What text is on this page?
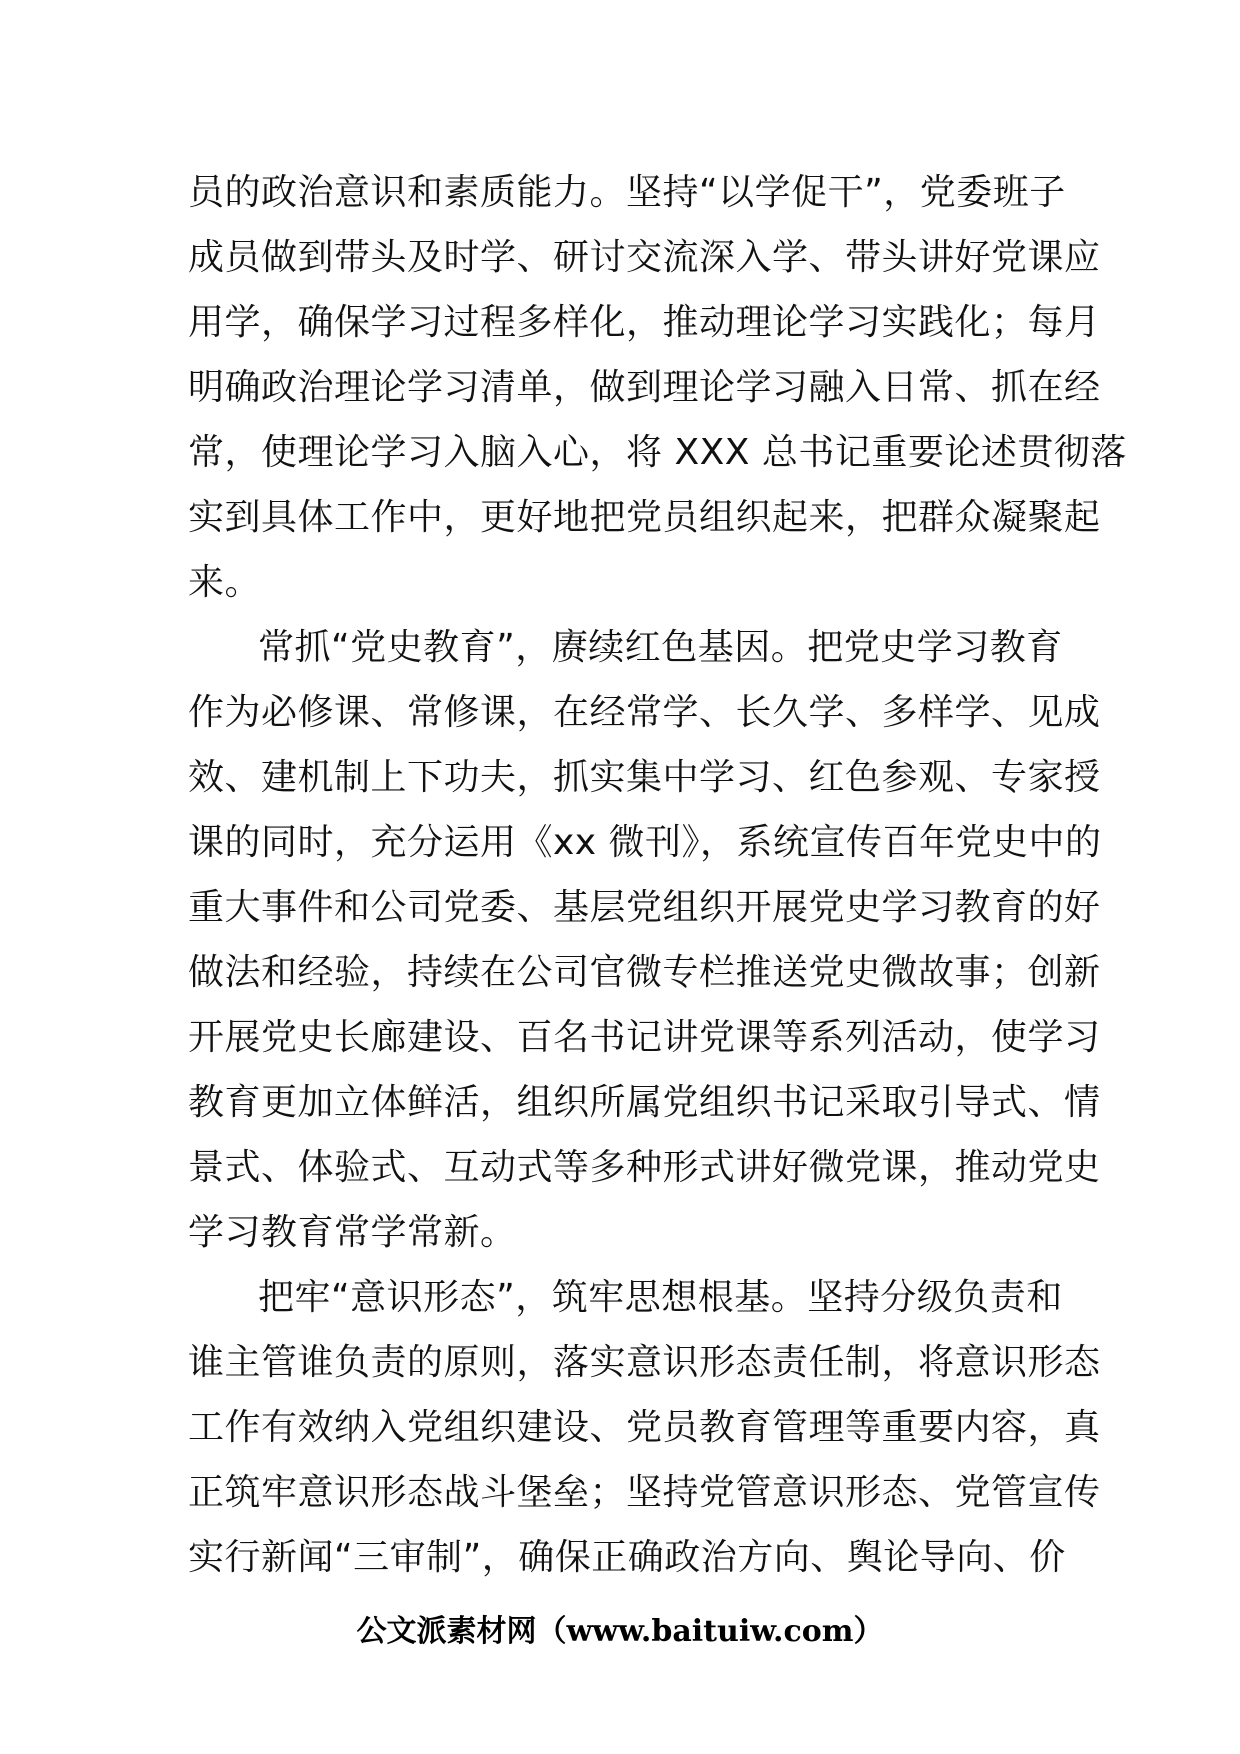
员的政治意识和素质能力。坚持“以学促干”，党委班子
成员做到带头及时学、研讨交流深入学、带头讲好党课应
用学，确保学习过程多样化，推动理论学习实践化；每月
明确政治理论学习清单，做到理论学习融入日常、抓在经
常，使理论学习入脑入心，将 XXX 总书记重要论述贯彻落
实到具体工作中，更好地把党员组织起来，把群众凝聚起
来。
常抓“党史教育”，赓续红色基因。把党史学习教育
作为必修课、常修课，在经常学、长久学、多样学、见成
效、建机制上下功夫，抓实集中学习、红色参观、专家授
课的同时，充分运用《xx 微刊》，系统宣传百年党史中的
重大事件和公司党委、基层党组织开展党史学习教育的好
做法和经验，持续在公司官微专栏推送党史微故事；创新
开展党史长廊建设、百名书记讲党课等系列活动，使学习
教育更加立体鲜活，组织所属党组织书记采取引导式、情
景式、体验式、互动式等多种形式讲好微党课，推动党史
学习教育常学常新。
把牢“意识形态”，筑牢思想根基。坚持分级负责和
谁主管谁负责的原则，落实意识形态责任制，将意识形态
工作有效纳入党组织建设、党员教育管理等重要内容，真
正筑牢意识形态战斗堡垒；坚持党管意识形态、党管宣传
实行新闻“三审制”，确保正确政治方向、舆论导向、价
公文派素材网（www.baituiw.com）
